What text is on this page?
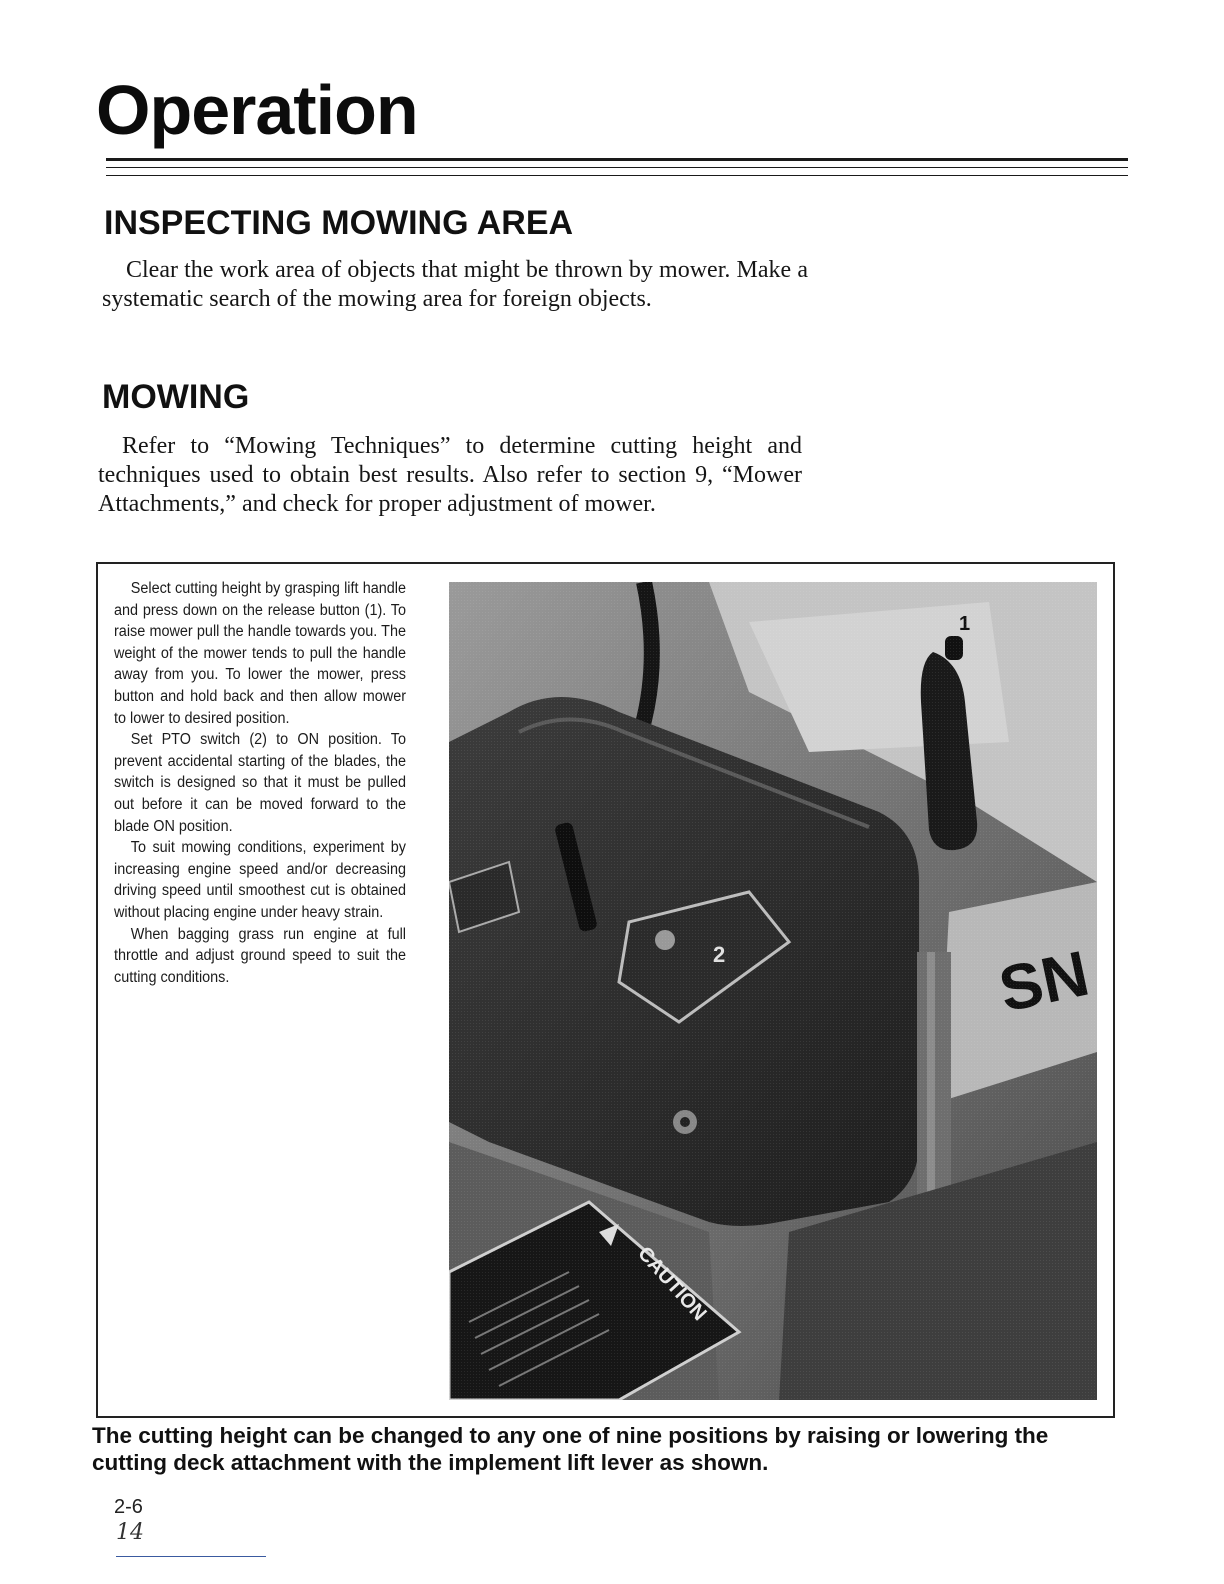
Operation
INSPECTING MOWING AREA

Clear the work area of objects that might be thrown by mower. Make a systematic search of the mowing area for foreign objects.

MOWING

Refer to “Mowing Techniques” to determine cutting height and techniques used to obtain best results. Also refer to section 9, “Mower Attachments,” and check for proper adjustment of mower.

Select cutting height by grasping lift handle and press down on the release button (1). To raise mower pull the handle towards you. The weight of the mower tends to pull the handle away from you. To lower the mower, press button and hold back and then allow mower to lower to desired position.

Set PTO switch (2) to ON position. To prevent accidental starting of the blades, the switch is designed so that it must be pulled out before it can be moved forward to the blade ON position.

To suit mowing conditions, experiment by increasing engine speed and/or decreasing driving speed until smoothest cut is obtained without placing engine under heavy strain.

When bagging grass run engine at full throttle and adjust ground speed to suit the cutting conditions.

The cutting height can be changed to any one of nine positions by raising or lowering the cutting deck attachment with the implement lift lever as shown.

2-6
14
